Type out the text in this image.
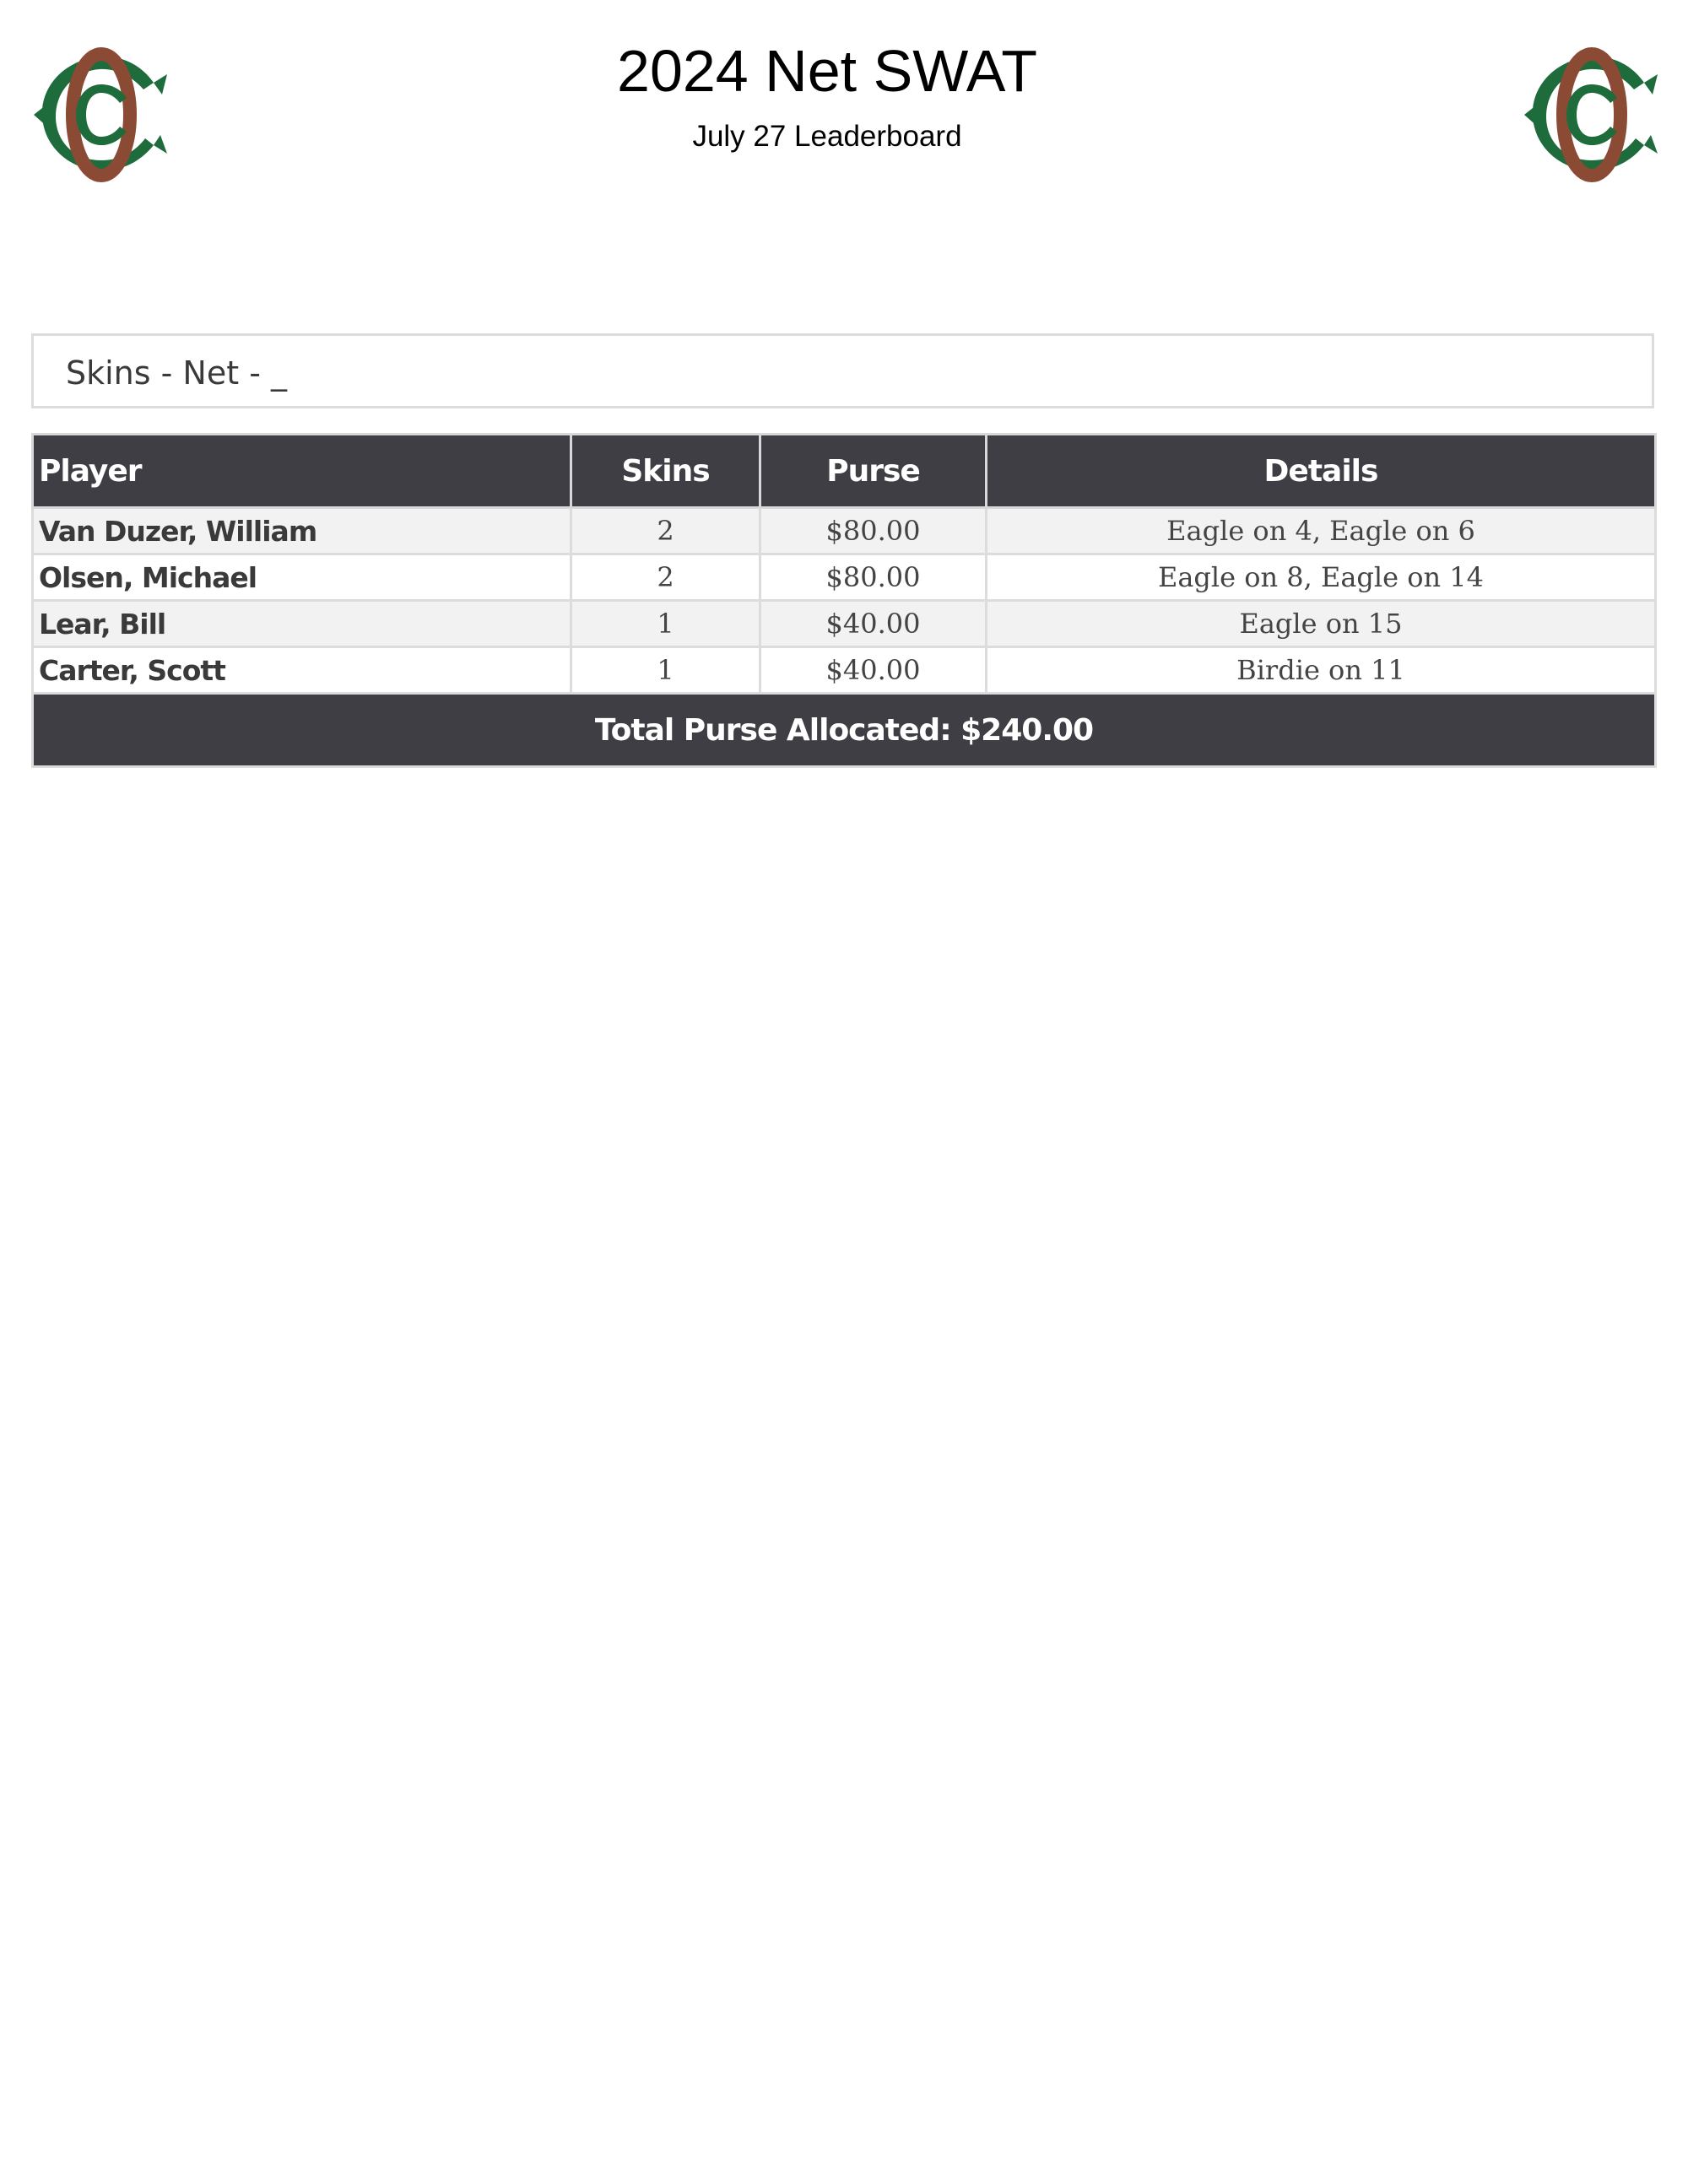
2024 Net SWAT
July 27 Leaderboard
Skins - Net - _
Player	Skins	Purse	Details
Van Duzer, William	2	$80.00	Eagle on 4, Eagle on 6
Olsen, Michael	2	$80.00	Eagle on 8, Eagle on 14
Lear, Bill	1	$40.00	Eagle on 15
Carter, Scott	1	$40.00	Birdie on 11
Total Purse Allocated: $240.00			
